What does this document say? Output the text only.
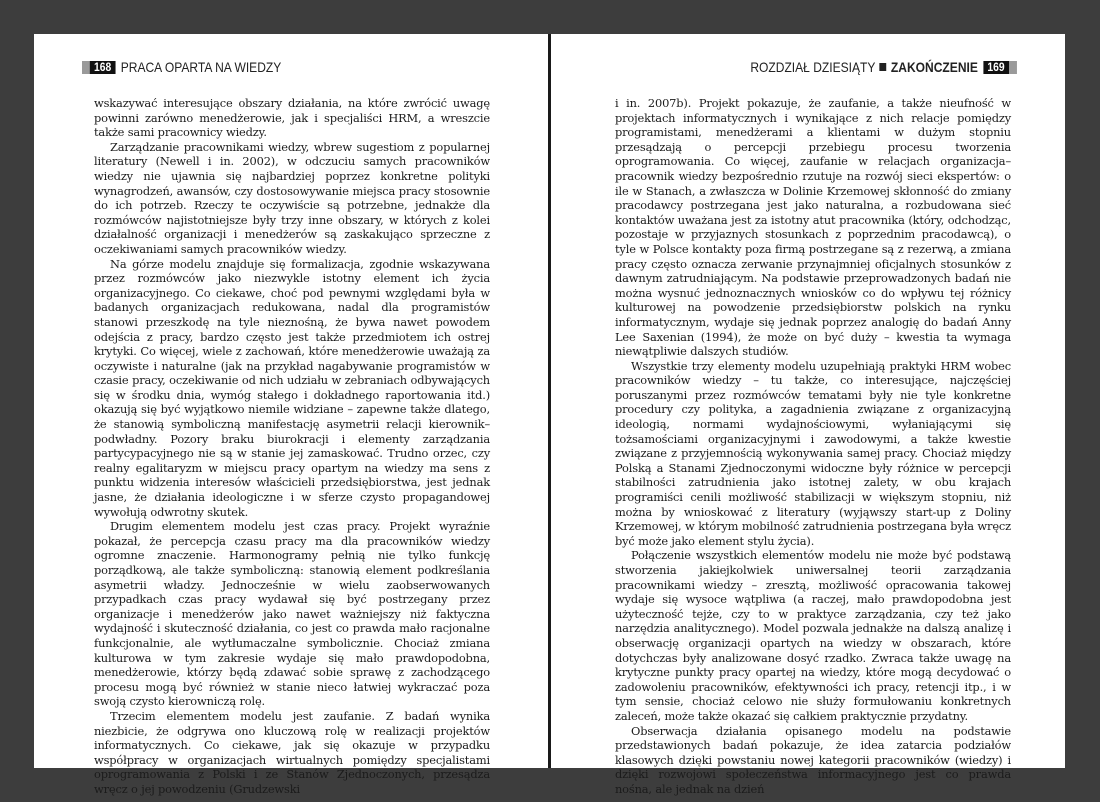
168 PRACA OPARTA NA WIEDZY

wskazywać interesujące obszary działania, na które zwrócić uwagę powinni zarówno menedżerowie, jak i specjaliści HRM, a wreszcie także sami pracownicy wiedzy.

Zarządzanie pracownikami wiedzy, wbrew sugestiom z popularnej literatury (Newell i in. 2002), w odczuciu samych pracowników wiedzy nie ujawnia się najbardziej poprzez konkretne polityki wynagrodzeń, awansów, czy dostosowywanie miejsca pracy stosownie do ich potrzeb. Rzeczy te oczywiście są potrzebne, jednakże dla rozmówców najistotniejsze były trzy inne obszary, w których z kolei działalność organizacji i menedżerów są zaskakująco sprzeczne z oczekiwaniami samych pracowników wiedzy.

Na górze modelu znajduje się formalizacja, zgodnie wskazywana przez rozmówców jako niezwykle istotny element ich życia organizacyjnego. Co ciekawe, choć pod pewnymi względami była w badanych organizacjach redukowana, nadal dla programistów stanowi przeszkodę na tyle nieznośną, że bywa nawet powodem odejścia z pracy, bardzo często jest także przedmiotem ich ostrej krytyki. Co więcej, wiele z zachowań, które menedżerowie uważają za oczywiste i naturalne (jak na przykład nagabywanie programistów w czasie pracy, oczekiwanie od nich udziału w zebraniach odbywających się w środku dnia, wymóg stałego i dokładnego raportowania itd.) okazują się być wyjątkowo niemile widziane – zapewne także dlatego, że stanowią symboliczną manifestację asymetrii relacji kierownik–podwładny. Pozory braku biurokracji i elementy zarządzania partycypacyjnego nie są w stanie jej zamaskować. Trudno orzec, czy realny egalitaryzm w miejscu pracy opartym na wiedzy ma sens z punktu widzenia interesów właścicieli przedsiębiorstwa, jest jednak jasne, że działania ideologiczne i w sferze czysto propagandowej wywołują odwrotny skutek.

Drugim elementem modelu jest czas pracy. Projekt wyraźnie pokazał, że percepcja czasu pracy ma dla pracowników wiedzy ogromne znaczenie. Harmonogramy pełnią nie tylko funkcję porządkową, ale także symboliczną: stanowią element podkreślania asymetrii władzy. Jednocześnie w wielu zaobserwowanych przypadkach czas pracy wydawał się być postrzegany przez organizacje i menedżerów jako nawet ważniejszy niż faktyczna wydajność i skuteczność działania, co jest co prawda mało racjonalne funkcjonalnie, ale wytłumaczalne symbolicznie. Chociaż zmiana kulturowa w tym zakresie wydaje się mało prawdopodobna, menedżerowie, którzy będą zdawać sobie sprawę z zachodzącego procesu mogą być również w stanie nieco łatwiej wykraczać poza swoją czysto kierowniczą rolę.

Trzecim elementem modelu jest zaufanie. Z badań wynika niezbicie, że odgrywa ono kluczową rolę w realizacji projektów informatycznych. Co ciekawe, jak się okazuje w przypadku współpracy w organizacjach wirtualnych pomiędzy specjalistami oprogramowania z Polski i ze Stanów Zjednoczonych, przesądza wręcz o jej powodzeniu (Grudzewski

ROZDZIAŁ DZIESIĄTY ZAKOŃCZENIE 169

i in. 2007b). Projekt pokazuje, że zaufanie, a także nieufność w projektach informatycznych i wynikające z nich relacje pomiędzy programistami, menedżerami a klientami w dużym stopniu przesądzają o percepcji przebiegu procesu tworzenia oprogramowania. Co więcej, zaufanie w relacjach organizacja–pracownik wiedzy bezpośrednio rzutuje na rozwój sieci ekspertów: o ile w Stanach, a zwłaszcza w Dolinie Krzemowej skłonność do zmiany pracodawcy postrzegana jest jako naturalna, a rozbudowana sieć kontaktów uważana jest za istotny atut pracownika (który, odchodząc, pozostaje w przyjaznych stosunkach z poprzednim pracodawcą), o tyle w Polsce kontakty poza firmą postrzegane są z rezerwą, a zmiana pracy często oznacza zerwanie przynajmniej oficjalnych stosunków z dawnym zatrudniającym. Na podstawie przeprowadzonych badań nie można wysnuć jednoznacznych wniosków co do wpływu tej różnicy kulturowej na powodzenie przedsiębiorstw polskich na rynku informatycznym, wydaje się jednak poprzez analogię do badań Anny Lee Saxenian (1994), że może on być duży – kwestia ta wymaga niewątpliwie dalszych studiów.

Wszystkie trzy elementy modelu uzupełniają praktyki HRM wobec pracowników wiedzy – tu także, co interesujące, najczęściej poruszanymi przez rozmówców tematami były nie tyle konkretne procedury czy polityka, a zagadnienia związane z organizacyjną ideologią, normami wydajnościowymi, wyłaniającymi się tożsamościami organizacyjnymi i zawodowymi, a także kwestie związane z przyjemnością wykonywania samej pracy. Chociaż między Polską a Stanami Zjednoczonymi widoczne były różnice w percepcji stabilności zatrudnienia jako istotnej zalety, w obu krajach programiści cenili możliwość stabilizacji w większym stopniu, niż można by wnioskować z literatury (wyjąwszy start-up z Doliny Krzemowej, w którym mobilność zatrudnienia postrzegana była wręcz być może jako element stylu życia).

Połączenie wszystkich elementów modelu nie może być podstawą stworzenia jakiejkolwiek uniwersalnej teorii zarządzania pracownikami wiedzy – zresztą, możliwość opracowania takowej wydaje się wysoce wątpliwa (a raczej, mało prawdopodobna jest użyteczność tejże, czy to w praktyce zarządzania, czy też jako narzędzia analitycznego). Model pozwala jednakże na dalszą analizę i obserwację organizacji opartych na wiedzy w obszarach, które dotychczas były analizowane dosyć rzadko. Zwraca także uwagę na krytyczne punkty pracy opartej na wiedzy, które mogą decydować o zadowoleniu pracowników, efektywności ich pracy, retencji itp., i w tym sensie, chociaż celowo nie służy formułowaniu konkretnych zaleceń, może także okazać się całkiem praktycznie przydatny.

Obserwacja działania opisanego modelu na podstawie przedstawionych badań pokazuje, że idea zatarcia podziałów klasowych dzięki powstaniu nowej kategorii pracowników (wiedzy) i dzięki rozwojowi społeczeństwa informacyjnego jest co prawda nośna, ale jednak na dzień
